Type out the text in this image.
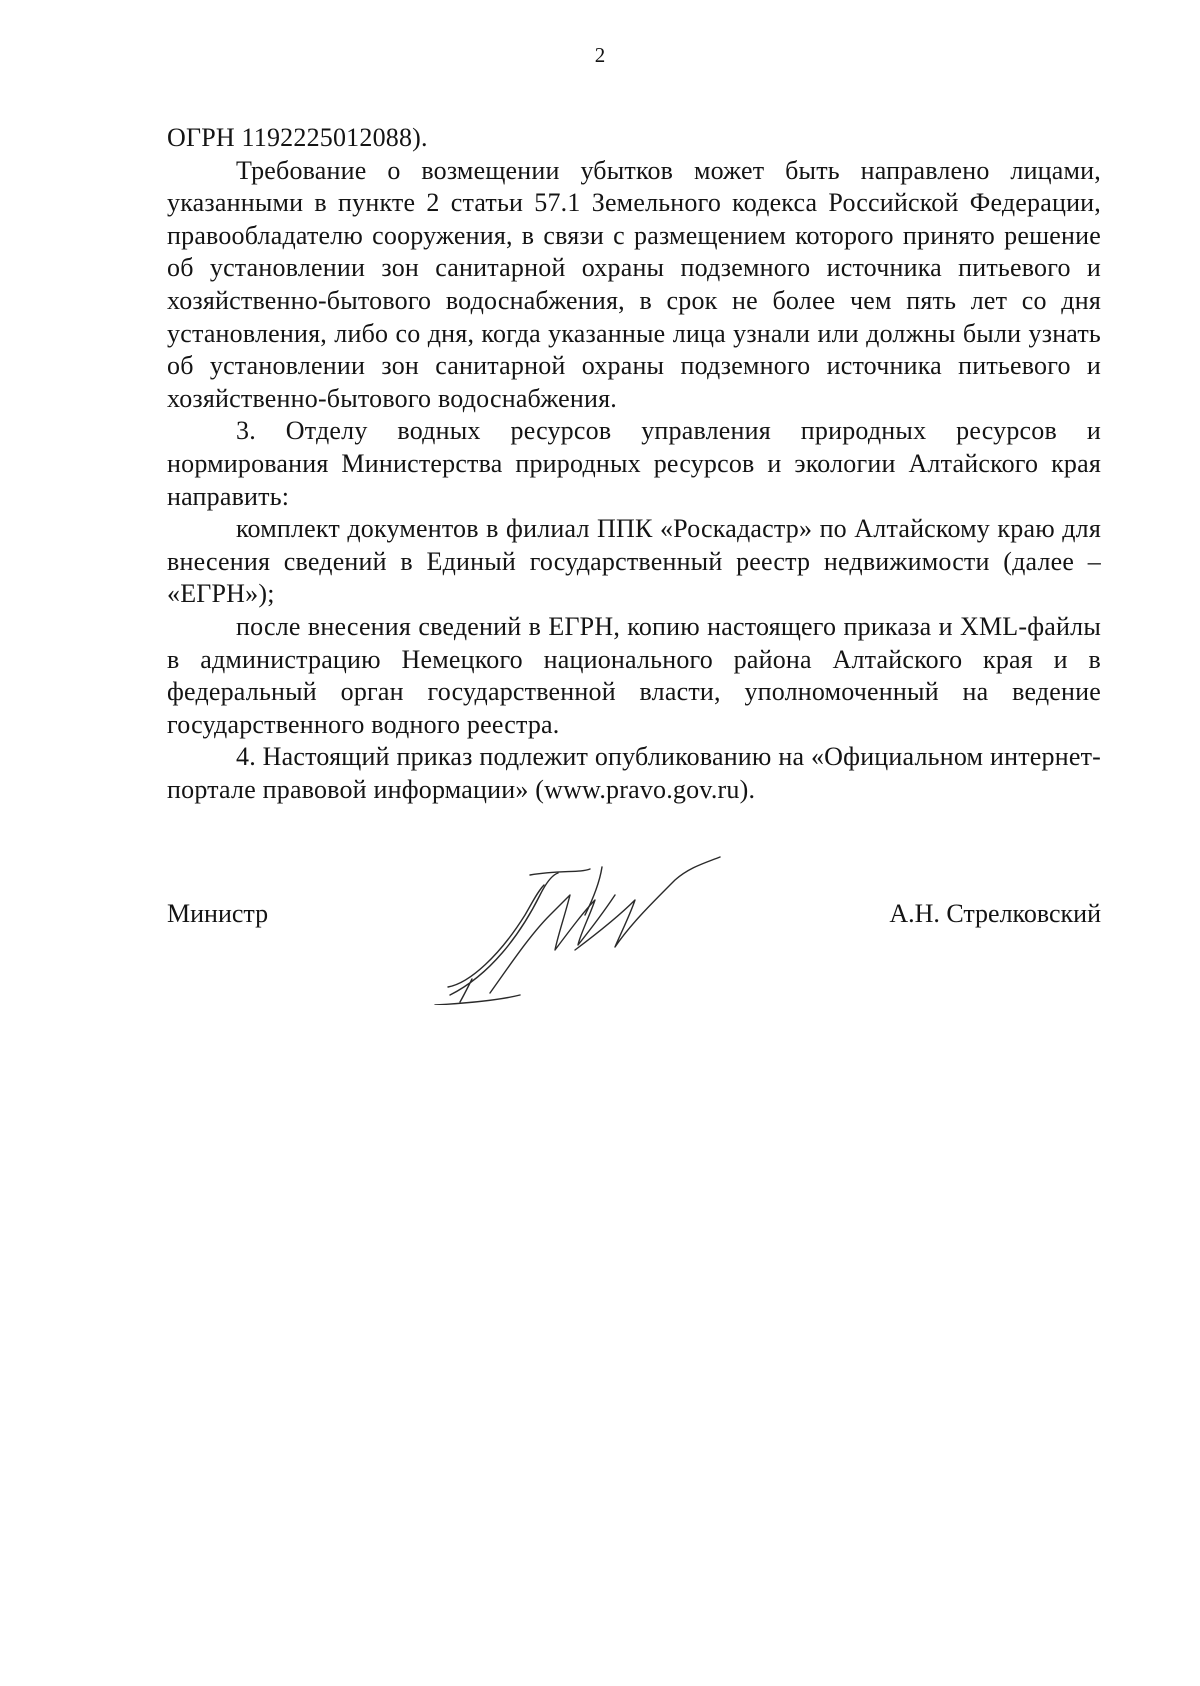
2

ОГРН 1192225012088).

Требование о возмещении убытков может быть направлено лицами, указанными в пункте 2 статьи 57.1 Земельного кодекса Российской Федерации, правообладателю сооружения, в связи с размещением которого принято решение об установлении зон санитарной охраны подземного источника питьевого и хозяйственно-бытового водоснабжения, в срок не более чем пять лет со дня установления, либо со дня, когда указанные лица узнали или должны были узнать об установлении зон санитарной охраны подземного источника питьевого и хозяйственно-бытового водоснабжения.

3. Отделу водных ресурсов управления природных ресурсов и нормирования Министерства природных ресурсов и экологии Алтайского края направить:

комплект документов в филиал ППК «Роскадастр» по Алтайскому краю для внесения сведений в Единый государственный реестр недвижимости (далее – «ЕГРН»);

после внесения сведений в ЕГРН, копию настоящего приказа и XML-файлы в администрацию Немецкого национального района Алтайского края и в федеральный орган государственной власти, уполномоченный на ведение государственного водного реестра.

4. Настоящий приказ подлежит опубликованию на «Официальном интернет-портале правовой информации» (www.pravo.gov.ru).

Министр	А.Н. Стрелковский
